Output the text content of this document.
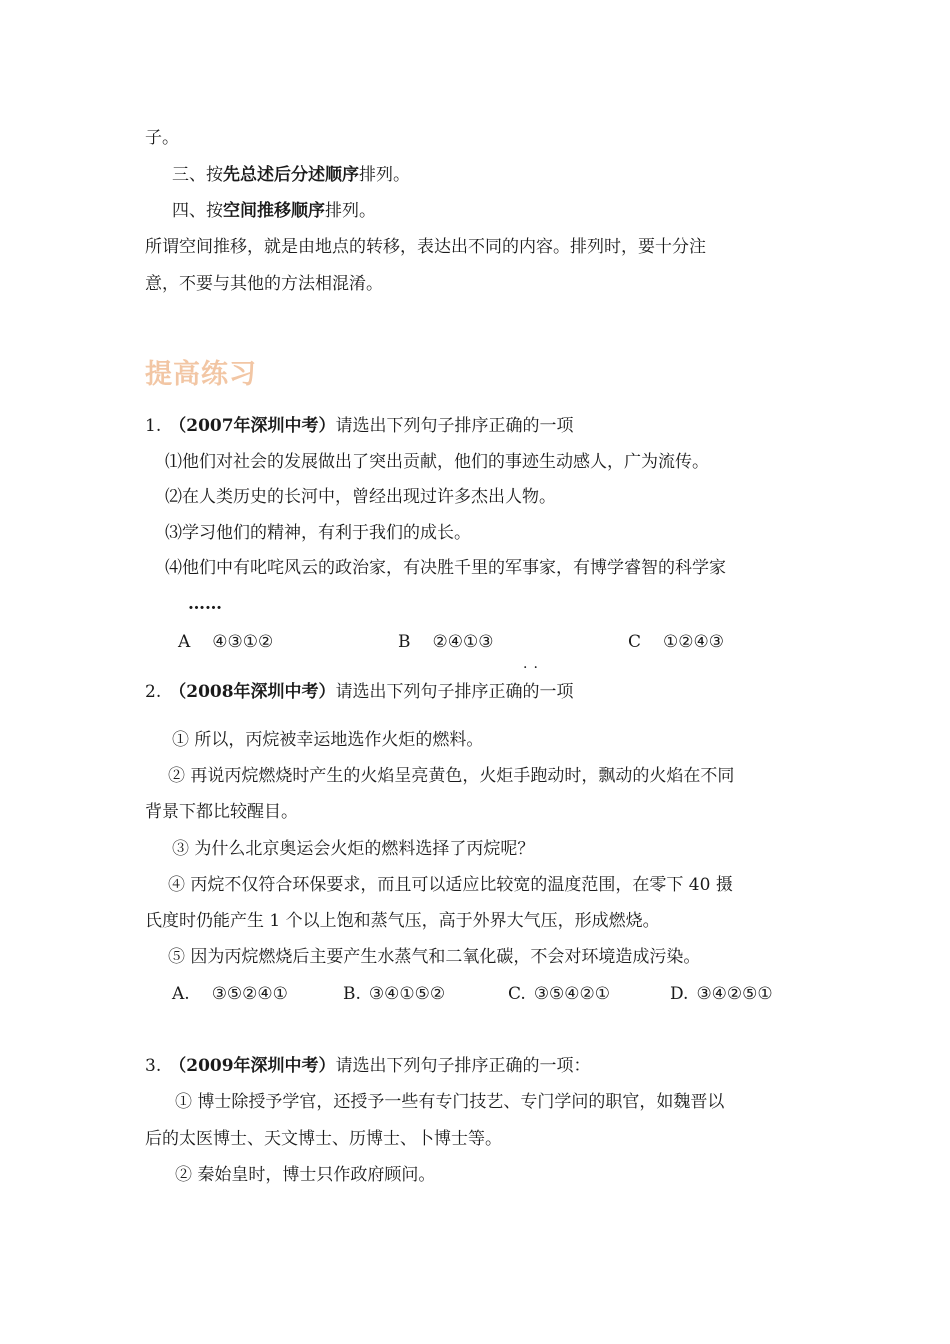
子。
三、按先总述后分述顺序排列。
四、按空间推移顺序排列。
所谓空间推移，就是由地点的转移，表达出不同的内容。排列时，要十分注
意，不要与其他的方法相混淆。
提高练习
1. （2007年深圳中考）请选出下列句子排序正确的一项
⑴他们对社会的发展做出了突出贡献，他们的事迹生动感人，广为流传。
⑵在人类历史的长河中，曾经出现过许多杰出人物。
⑶学习他们的精神，有利于我们的成长。
⑷他们中有叱咤风云的政治家，有决胜千里的军事家，有博学睿智的科学家
……
A ④③①②	B ②④①③	C ①②④③
··
2. （2008年深圳中考）请选出下列句子排序正确的一项
① 所以，丙烷被幸运地选作火炬的燃料。
② 再说丙烷燃烧时产生的火焰呈亮黄色，火炬手跑动时，飘动的火焰在不同
背景下都比较醒目。
③ 为什么北京奥运会火炬的燃料选择了丙烷呢？
④ 丙烷不仅符合环保要求，而且可以适应比较宽的温度范围，在零下 40 摄
氏度时仍能产生 1 个以上饱和蒸气压，高于外界大气压，形成燃烧。
⑤ 因为丙烷燃烧后主要产生水蒸气和二氧化碳，不会对环境造成污染。
A. ③⑤②④①	B. ③④①⑤②	C. ③⑤④②①	D. ③④②⑤①
3. （2009年深圳中考）请选出下列句子排序正确的一项：
① 博士除授予学官，还授予一些有专门技艺、专门学问的职官，如魏晋以
后的太医博士、天文博士、历博士、卜博士等。
② 秦始皇时，博士只作政府顾问。
